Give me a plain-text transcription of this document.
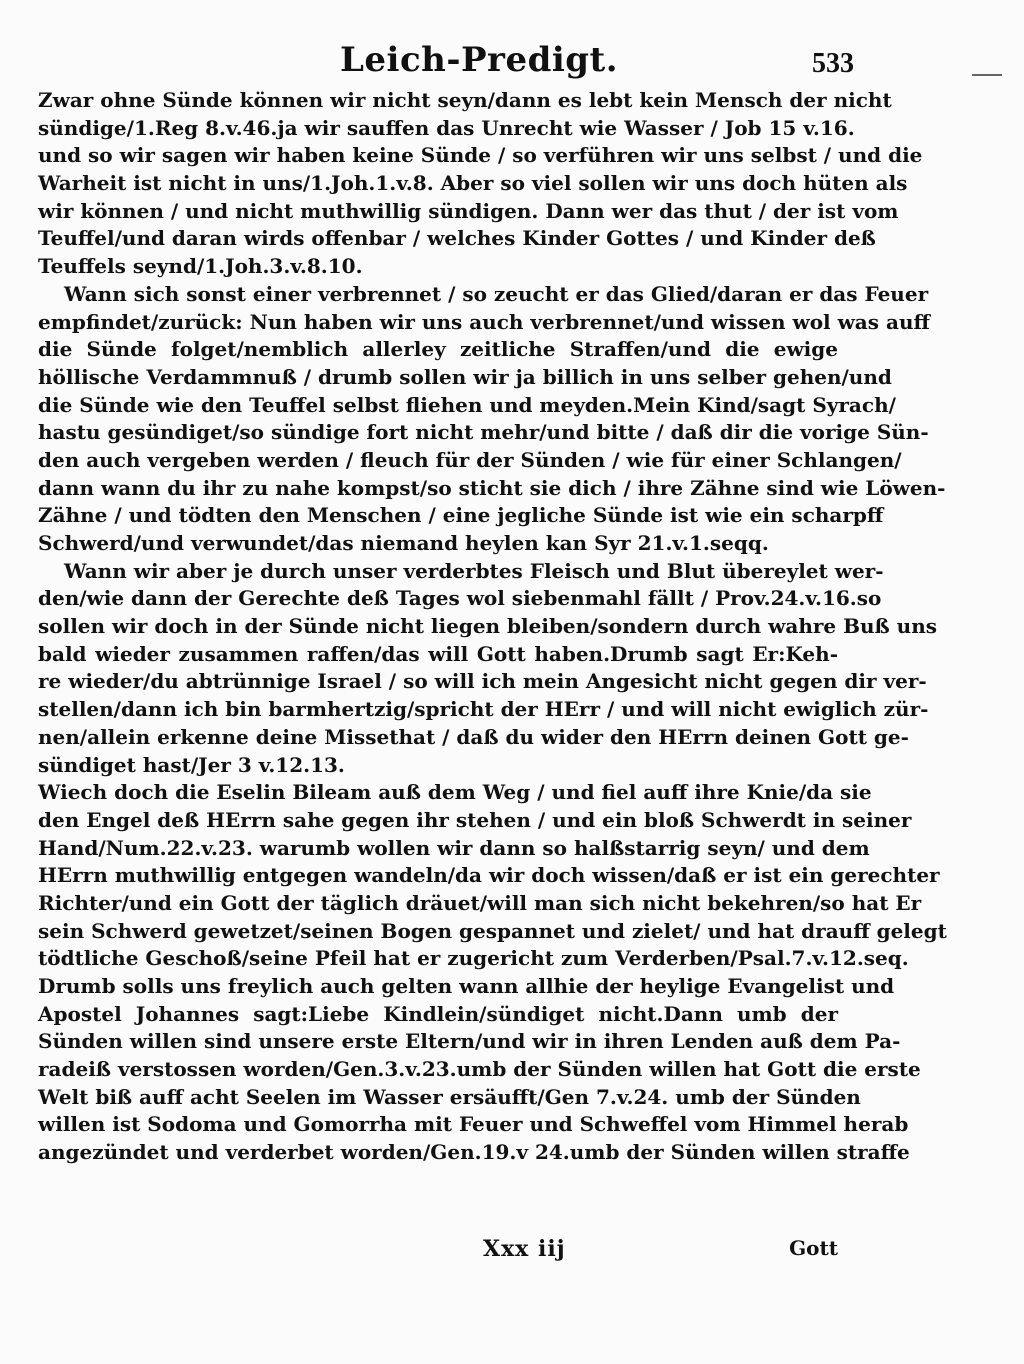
Leich-Predigt.	533
Zwar ohne Sünde können wir nicht seyn/dann es lebt kein Mensch der nicht
sündige/1.Reg 8.v.46.ja wir sauffen das Unrecht wie Wasser / Job 15 v.16.
und so wir sagen wir haben keine Sünde / so verführen wir uns selbst / und die
Warheit ist nicht in uns/1.Joh.1.v.8. Aber so viel sollen wir uns doch hüten als
wir können / und nicht muthwillig sündigen. Dann wer das thut / der ist vom
Teuffel/und daran wirds offenbar / welches Kinder Gottes / und Kinder deß
Teuffels seynd/1.Joh.3.v.8.10.
Wann sich sonst einer verbrennet / so zeucht er das Glied/daran er das Feuer
empfindet/zurück: Nun haben wir uns auch verbrennet/und wissen wol was auff
die Sünde folget/nemblich allerley zeitliche Straffen/und die ewige
höllische Verdammnuß / drumb sollen wir ja billich in uns selber gehen/und
die Sünde wie den Teuffel selbst fliehen und meyden.Mein Kind/sagt Syrach/
hastu gesündiget/so sündige fort nicht mehr/und bitte / daß dir die vorige Sün-
den auch vergeben werden / fleuch für der Sünden / wie für einer Schlangen/
dann wann du ihr zu nahe kompst/so sticht sie dich / ihre Zähne sind wie Löwen-
Zähne / und tödten den Menschen / eine jegliche Sünde ist wie ein scharpff
Schwerd/und verwundet/das niemand heylen kan Syr 21.v.1.seqq.
Wann wir aber je durch unser verderbtes Fleisch und Blut übereylet wer-
den/wie dann der Gerechte deß Tages wol siebenmahl fällt / Prov.24.v.16.so
sollen wir doch in der Sünde nicht liegen bleiben/sondern durch wahre Buß uns
bald wieder zusammen raffen/das will Gott haben.Drumb sagt Er:Keh-
re wieder/du abtrünnige Israel / so will ich mein Angesicht nicht gegen dir ver-
stellen/dann ich bin barmhertzig/spricht der HErr / und will nicht ewiglich zür-
nen/allein erkenne deine Missethat / daß du wider den HErrn deinen Gott ge-
sündiget hast/Jer 3 v.12.13.
Wiech doch die Eselin Bileam auß dem Weg / und fiel auff ihre Knie/da sie
den Engel deß HErrn sahe gegen ihr stehen / und ein bloß Schwerdt in seiner
Hand/Num.22.v.23. warumb wollen wir dann so halßstarrig seyn/ und dem
HErrn muthwillig entgegen wandeln/da wir doch wissen/daß er ist ein gerechter
Richter/und ein Gott der täglich dräuet/will man sich nicht bekehren/so hat Er
sein Schwerd gewetzet/seinen Bogen gespannet und zielet/ und hat drauff gelegt
tödtliche Geschoß/seine Pfeil hat er zugericht zum Verderben/Psal.7.v.12.seq.
Drumb solls uns freylich auch gelten wann allhie der heylige Evangelist und
Apostel Johannes sagt:Liebe Kindlein/sündiget nicht.Dann umb der
Sünden willen sind unsere erste Eltern/und wir in ihren Lenden auß dem Pa-
radeiß verstossen worden/Gen.3.v.23.umb der Sünden willen hat Gott die erste
Welt biß auff acht Seelen im Wasser ersäufft/Gen 7.v.24. umb der Sünden
willen ist Sodoma und Gomorrha mit Feuer und Schweffel vom Himmel herab
angezündet und verderbet worden/Gen.19.v 24.umb der Sünden willen straffe
Xxx iij	Gott
